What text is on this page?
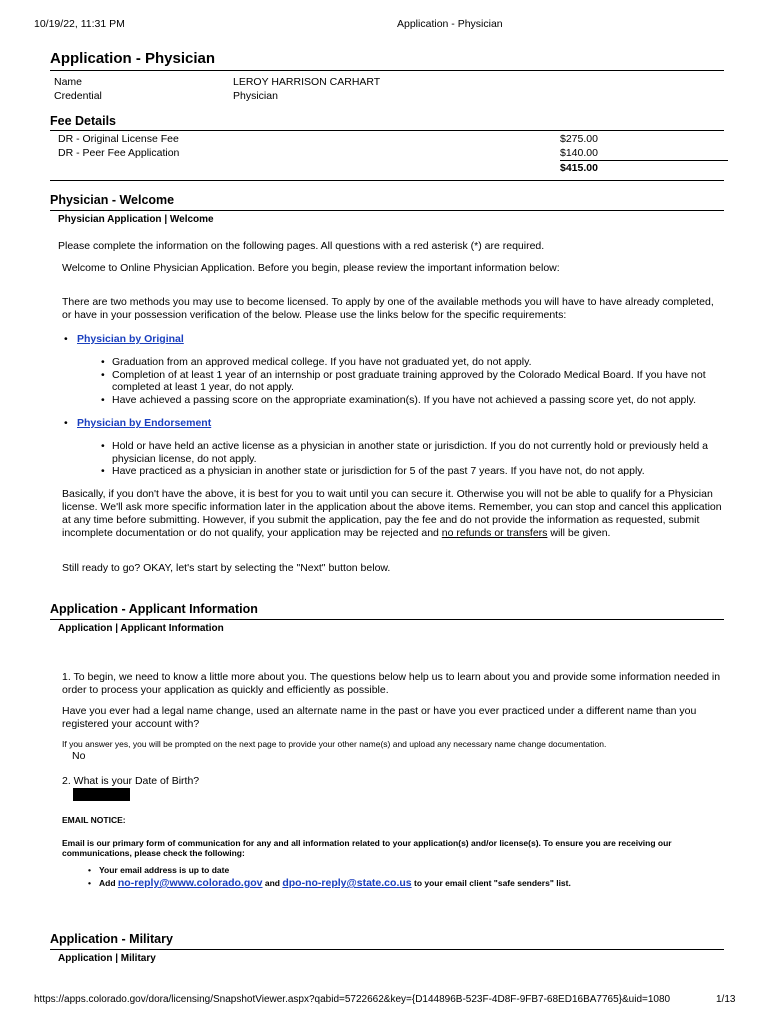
10/19/22, 11:31 PM	Application - Physician
Application - Physician
Name	LEROY HARRISON CARHART
Credential	Physician
Fee Details
DR - Original License Fee	$275.00
DR - Peer Fee Application	$140.00
$415.00
Physician - Welcome
Physician Application | Welcome
Please complete the information on the following pages. All questions with a red asterisk (*) are required.
Welcome to Online Physician Application. Before you begin, please review the important information below:
There are two methods you may use to become licensed. To apply by one of the available methods you will have to have already completed, or have in your possession verification of the below. Please use the links below for the specific requirements:
• Physician by Original
• Graduation from an approved medical college. If you have not graduated yet, do not apply.
• Completion of at least 1 year of an internship or post graduate training approved by the Colorado Medical Board. If you have not completed at least 1 year, do not apply.
• Have achieved a passing score on the appropriate examination(s). If you have not achieved a passing score yet, do not apply.
• Physician by Endorsement
• Hold or have held an active license as a physician in another state or jurisdiction. If you do not currently hold or previously held a physician license, do not apply.
• Have practiced as a physician in another state or jurisdiction for 5 of the past 7 years. If you have not, do not apply.
Basically, if you don't have the above, it is best for you to wait until you can secure it. Otherwise you will not be able to qualify for a Physician license. We'll ask more specific information later in the application about the above items. Remember, you can stop and cancel this application at any time before submitting. However, if you submit the application, pay the fee and do not provide the information as requested, submit incomplete documentation or do not qualify, your application may be rejected and no refunds or transfers will be given.
Still ready to go? OKAY, let's start by selecting the "Next" button below.
Application - Applicant Information
Application | Applicant Information
1. To begin, we need to know a little more about you. The questions below help us to learn about you and provide some information needed in order to process your application as quickly and efficiently as possible.
Have you ever had a legal name change, used an alternate name in the past or have you ever practiced under a different name than you registered your account with?
If you answer yes, you will be prompted on the next page to provide your other name(s) and upload any necessary name change documentation.
No
2. What is your Date of Birth?
EMAIL NOTICE:
Email is our primary form of communication for any and all information related to your application(s) and/or license(s). To ensure you are receiving our communications, please check the following:
• Your email address is up to date
• Add no-reply@www.colorado.gov and dpo-no-reply@state.co.us to your email client "safe senders" list.
Application - Military
Application | Military
https://apps.colorado.gov/dora/licensing/SnapshotViewer.aspx?qabid=5722662&key={D144896B-523F-4D8F-9FB7-68ED16BA7765}&uid=1080	1/13
